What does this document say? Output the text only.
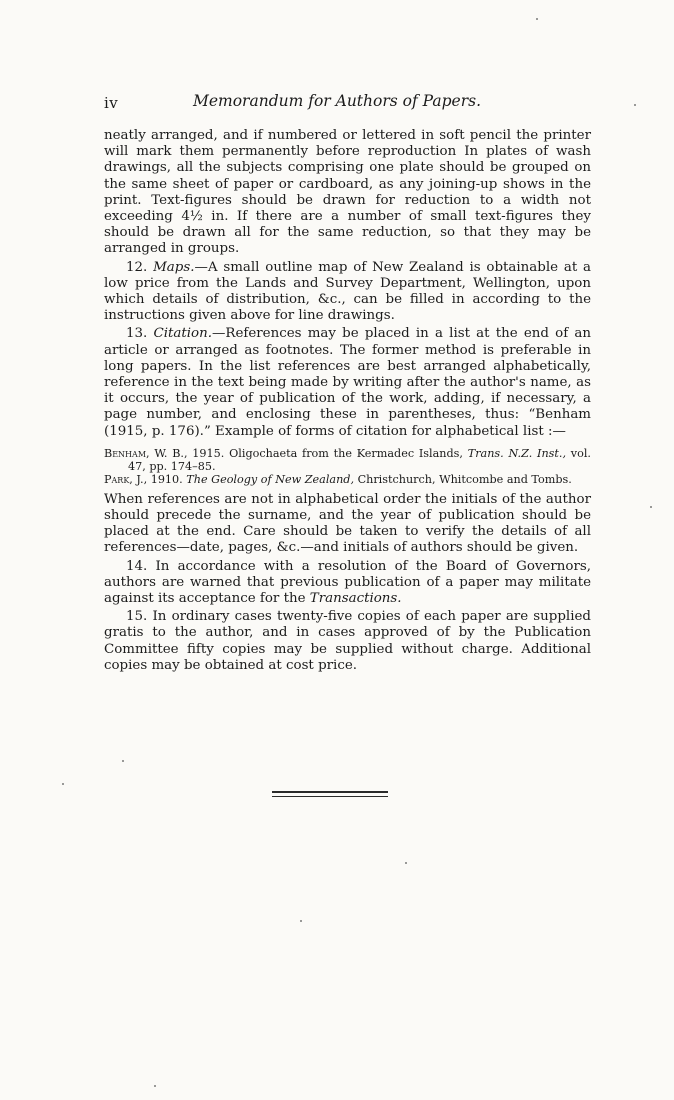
iv	Memorandum for Authors of Papers.

neatly arranged, and if numbered or lettered in soft pencil the printer will mark them permanently before reproduction In plates of wash drawings, all the subjects comprising one plate should be grouped on the same sheet of paper or cardboard, as any joining-up shows in the print. Text-figures should be drawn for reduction to a width not exceeding 4½ in. If there are a number of small text-figures they should be drawn all for the same reduction, so that they may be arranged in groups.

12. Maps.—A small outline map of New Zealand is obtainable at a low price from the Lands and Survey Department, Wellington, upon which details of distribution, &c., can be filled in according to the instructions given above for line drawings.

13. Citation.—References may be placed in a list at the end of an article or arranged as footnotes. The former method is preferable in long papers. In the list references are best arranged alphabetically, reference in the text being made by writing after the author's name, as it occurs, the year of publication of the work, adding, if necessary, a page number, and enclosing these in parentheses, thus: “Benham (1915, p. 176).” Example of forms of citation for alphabetical list :—

Benham, W. B., 1915. Oligochaeta from the Kermadec Islands, Trans. N.Z. Inst., vol. 47, pp. 174–85.

Park, J., 1910. The Geology of New Zealand, Christchurch, Whitcombe and Tombs.

When references are not in alphabetical order the initials of the author should precede the surname, and the year of publication should be placed at the end. Care should be taken to verify the details of all references—date, pages, &c.—and initials of authors should be given.

14. In accordance with a resolution of the Board of Governors, authors are warned that previous publication of a paper may militate against its acceptance for the Transactions.

15. In ordinary cases twenty-five copies of each paper are supplied gratis to the author, and in cases approved of by the Publication Committee fifty copies may be supplied without charge. Additional copies may be obtained at cost price.
